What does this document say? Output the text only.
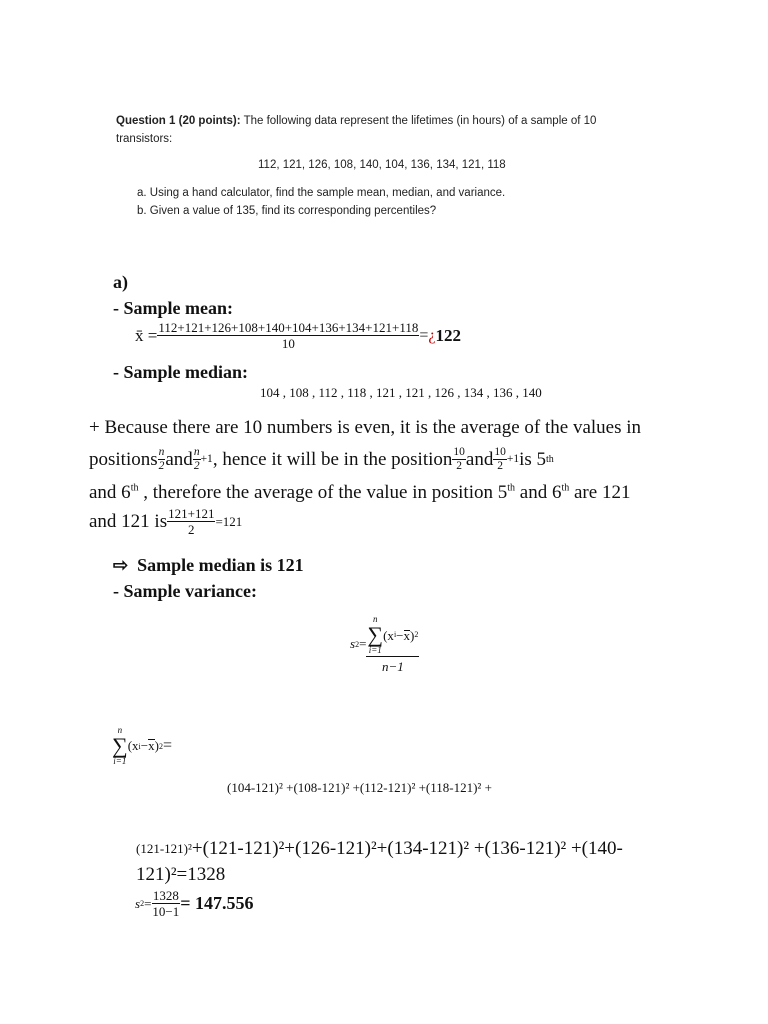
Question 1 (20 points): The following data represent the lifetimes (in hours) of a sample of 10
transistors:
112, 121, 126, 108, 140, 104, 136, 134, 121, 118
a. Using a hand calculator, find the sample mean, median, and variance.
b. Given a value of 135, find its corresponding percentiles?
a)
- Sample mean:
x̄ = $\frac{112+121+126+108+140+104+136+134+121+118}{10}$ = ¿ 122
- Sample median:
104 , 108 , 112 , 118 , 121 , 121 , 126 , 134 , 136 , 140
+ Because there are 10 numbers is even, it is the average of the values in
positions $\frac{n}{2}$ and $\frac{n}{2} +1$ , hence it will be in the position $\frac{10}{2}$ and $\frac{10}{2} +1$ is 5 th
and 6th , therefore the average of the value in position 5th and 6th are 121
and 121 is $\frac{121+121}{2} =121$
⇨ Sample median is 121
- Sample variance:
s 2 = n
∑
i=1
(x i − x ) 2
n−1
n
∑
i=1
(x i − x ) 2 =
(104-121)² +(108-121)² +(112-121)² +(118-121)² +
(121-121)² +(121-121)²+(126-121)²+(134-121)² +(136-121)² +(140-
121)²=1328
s $2 = \frac{1328}{10-1} = 147.556$
